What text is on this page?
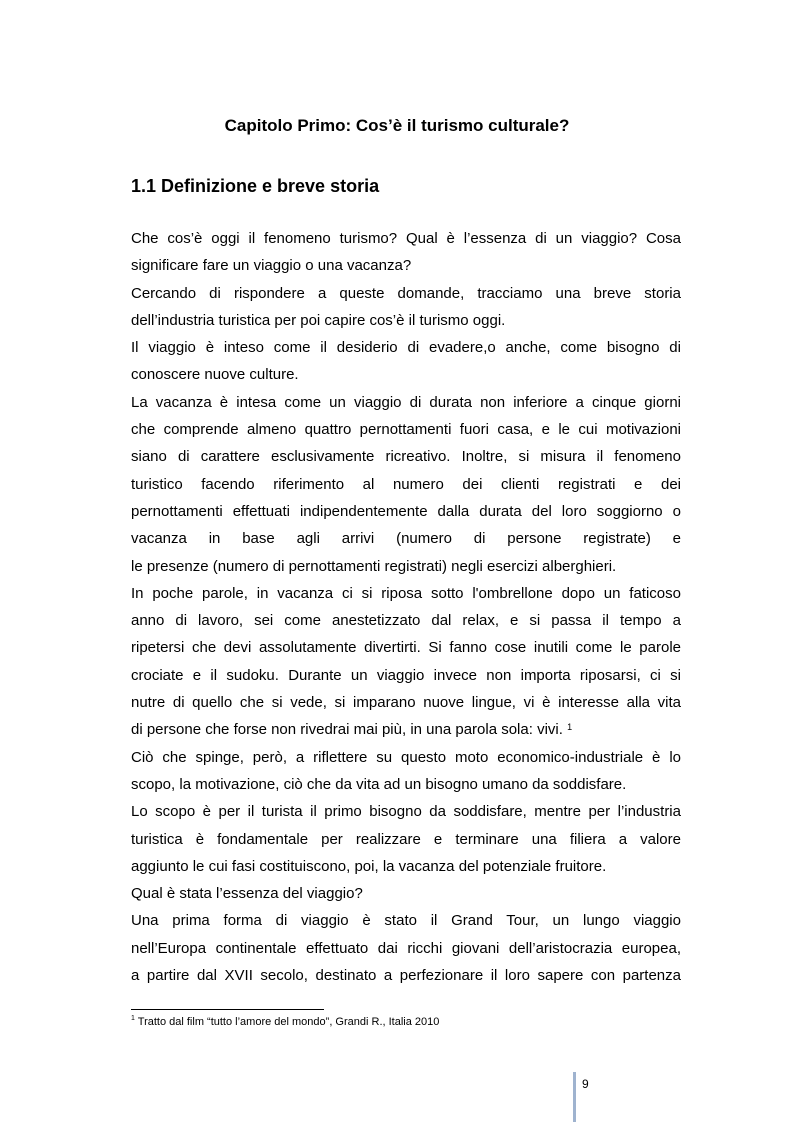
Capitolo Primo: Cos’è il turismo culturale?
1.1 Definizione e breve storia
Che cos’è oggi il fenomeno turismo? Qual è l’essenza di un viaggio? Cosa
significare fare un viaggio o una vacanza?
Cercando di rispondere a queste domande, tracciamo una breve storia
dell’industria turistica per poi capire cos’è il turismo oggi.
Il viaggio è inteso come il desiderio di evadere,o anche, come bisogno di
conoscere nuove culture.
La vacanza è intesa come un viaggio di durata non inferiore a cinque giorni
che comprende almeno quattro pernottamenti fuori casa, e le cui motivazioni
siano di carattere esclusivamente ricreativo. Inoltre, si misura il fenomeno
turistico facendo riferimento al numero dei clienti registrati e dei
pernottamenti effettuati indipendentemente dalla durata del loro soggiorno o
vacanza in base agli arrivi (numero di persone registrate) e
le presenze (numero di pernottamenti registrati) negli esercizi alberghieri.
In poche parole, in vacanza ci si riposa sotto l'ombrellone dopo un faticoso
anno di lavoro, sei come anestetizzato dal relax, e si passa il tempo a
ripetersi che devi assolutamente divertirti. Si fanno cose inutili come le parole
crociate e il sudoku. Durante un viaggio invece non importa riposarsi, ci si
nutre di quello che si vede, si imparano nuove lingue, vi è interesse alla vita
di persone che forse non rivedrai mai più, in una parola sola: vivi. $^1$
Ciò che spinge, però, a riflettere su questo moto economico-industriale è lo
scopo, la motivazione, ciò che da vita ad un bisogno umano da soddisfare.
Lo scopo è per il turista il primo bisogno da soddisfare, mentre per l’industria
turistica è fondamentale per realizzare e terminare una filiera a valore
aggiunto le cui fasi costituiscono, poi, la vacanza del potenziale fruitore.
Qual è stata l’essenza del viaggio?
Una prima forma di viaggio è stato il Grand Tour, un lungo viaggio
nell’Europa continentale effettuato dai ricchi giovani dell’aristocrazia europea,
a partire dal XVII secolo, destinato a perfezionare il loro sapere con partenza
$^1$ Tratto dal film “tutto l’amore del mondo”, Grandi R., Italia 2010
9
